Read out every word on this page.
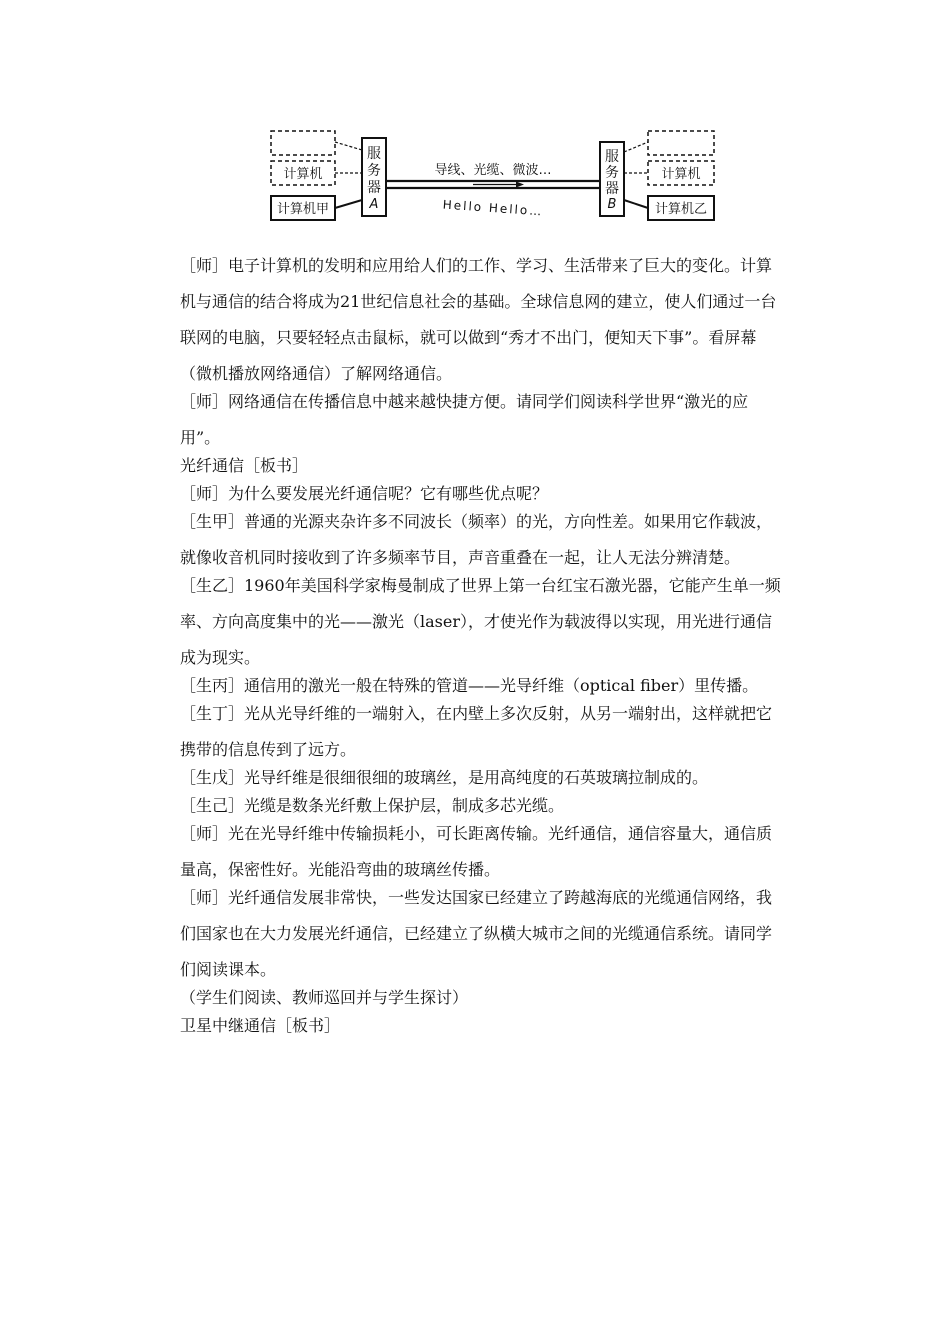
计算机
计算机甲
服
务
器
A
导线、光缆、微波…
Hello Hello…
服
务
器
B
计算机
计算机乙

［师］电子计算机的发明和应用给人们的工作、学习、生活带来了巨大的变化。计算

机与通信的结合将成为21世纪信息社会的基础。全球信息网的建立，使人们通过一台

联网的电脑，只要轻轻点击鼠标，就可以做到“秀才不出门，便知天下事”。看屏幕

（微机播放网络通信）了解网络通信。

［师］网络通信在传播信息中越来越快捷方便。请同学们阅读科学世界“激光的应

用”。

光纤通信［板书］

［师］为什么要发展光纤通信呢？它有哪些优点呢？

［生甲］普通的光源夹杂许多不同波长（频率）的光，方向性差。如果用它作载波，

就像收音机同时接收到了许多频率节目，声音重叠在一起，让人无法分辨清楚。

［生乙］1960年美国科学家梅曼制成了世界上第一台红宝石激光器，它能产生单一频

率、方向高度集中的光——激光（laser），才使光作为载波得以实现，用光进行通信

成为现实。

［生丙］通信用的激光一般在特殊的管道——光导纤维（optical fiber）里传播。

［生丁］光从光导纤维的一端射入，在内壁上多次反射，从另一端射出，这样就把它

携带的信息传到了远方。

［生戊］光导纤维是很细很细的玻璃丝，是用高纯度的石英玻璃拉制成的。

［生己］光缆是数条光纤敷上保护层，制成多芯光缆。

［师］光在光导纤维中传输损耗小，可长距离传输。光纤通信，通信容量大，通信质

量高，保密性好。光能沿弯曲的玻璃丝传播。

［师］光纤通信发展非常快，一些发达国家已经建立了跨越海底的光缆通信网络，我

们国家也在大力发展光纤通信，已经建立了纵横大城市之间的光缆通信系统。请同学

们阅读课本。

（学生们阅读、教师巡回并与学生探讨）

卫星中继通信［板书］
